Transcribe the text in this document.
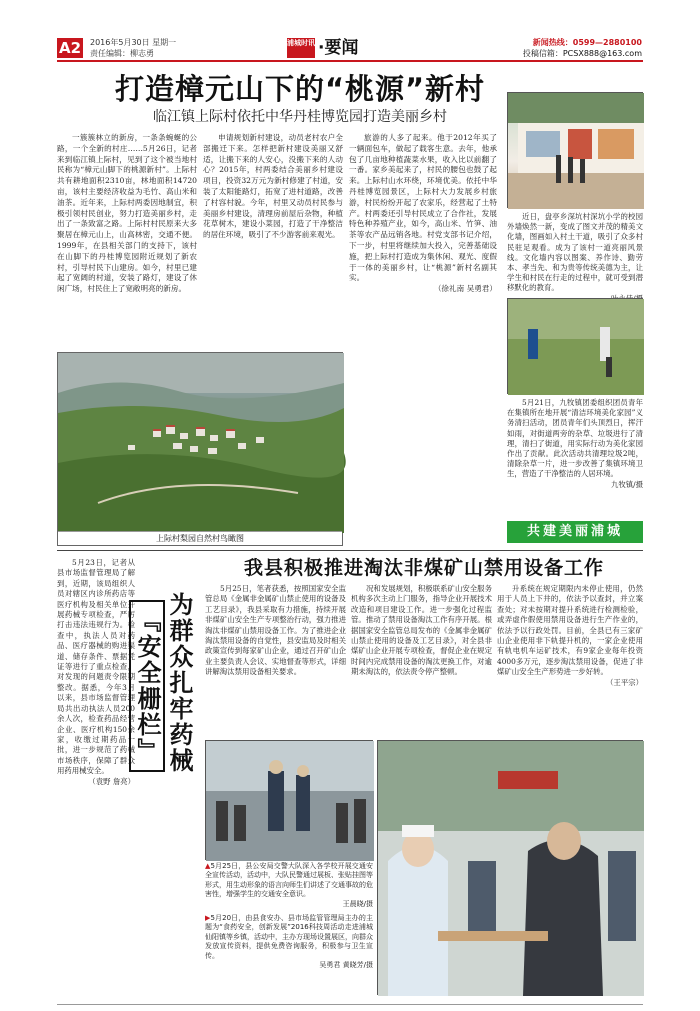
A2 2016年5月30日 星期一
责任编辑：柳志勇
浦城时讯 ·要闻	新闻热线：0599—2880100
投稿信箱：PCSX888@163.com
打造樟元山下的“桃源”新村
临江镇上际村依托中华丹桂博览园打造美丽乡村

一簇簇林立的新房，一条条蜿蜒的公路，一个全新的村庄……5月26日，记者来到临江镇上际村，见到了这个被当地村民称为“樟元山脚下的桃源新村”。上际村共有耕地面积2310亩，林地面积14720亩，该村主要经济收益为毛竹、高山米和油茶。近年来，上际村两委因地制宜，积极引领村民创业，努力打造美丽乡村，走出了一条致富之路。上际村村民原来大多聚居在樟元山上，山高林密，交通不便。1999年，在县相关部门的支持下，该村在山脚下的丹桂博览园附近规划了新农村，引导村民下山建房。如今，村里已建起了宽阔的村道，安装了路灯，建设了休闲广场，村民住上了宽敞明亮的新房。

申请规划新村建设，动员老村农户全部搬迁下来。怎样把新村建设美丽又舒适，让搬下来的人安心，没搬下来的人动心？2015年，村两委结合美丽乡村建设项目，投资32万元为新村修建了村道，安装了太阳能路灯，拓宽了进村道路，改善了村容村貌。今年，村里又动员村民参与美丽乡村建设，清理房前屋后杂物，种植花草树木，建设小菜园，打造了干净整洁的居住环境，吸引了不少游客前来观光。

旅游的人多了起来。他于2012年买了一辆面包车，做起了载客生意。去年，他承包了几亩地种植蔬菜水果，收入比以前翻了一番。家乡美起来了，村民的腰包也鼓了起来。上际村山水环绕，环境优美。依托中华丹桂博览园景区，上际村大力发展乡村旅游，村民纷纷开起了农家乐，经营起了土特产。村两委还引导村民成立了合作社，发展特色种养殖产业，如今，高山米、竹笋、油茶等农产品远销各地。村党支部书记介绍，下一步，村里将继续加大投入，完善基础设施，把上际村打造成为集休闲、观光、度假于一体的美丽乡村，让“桃源”新村名副其实。

（徐礼南 吴勇君）

上际村梨园自然村鸟瞰图
近日，盘亭乡深坑村深坑小学的校园外墙焕然一新，变成了图文并茂的精美文化墙，图画如入村土干道，吸引了众多村民驻足观看。成为了该村一道亮丽风景线。文化墙内容以图案、养作诗、勤劳本、孝当先、和为贵等传统美德为主，让学生和村民在行走的过程中，就可受到潜移默化的教育。
5月21日，九牧镇团委组织团员青年在集镇所在地开展“清洁环境美化家园”义务清扫活动，团员青年们头顶烈日，挥汗如雨，对街道两旁的杂草、垃圾进行了清理，清扫了街道，用实际行动为美化家园作出了贡献。此次活动共清理垃圾2吨，清除杂草一片，进一步改善了集镇环境卫生，营造了干净整洁的人居环境。
九牧镇/摄
共建美丽浦城
5月23日，记者从县市场监督管理局了解到，近期，该局组织人员对辖区内诊所药店等医疗机构及相关单位开展药械专项检查，严厉打击违法违规行为。检查中，执法人员对药品、医疗器械的购进渠道、储存条件、票据凭证等进行了重点检查，对发现的问题责令限期整改。据悉，今年3月以来，县市场监督管理局共出动执法人员200余人次，检查药品经营企业、医疗机构150余家，收缴过期药品一批，进一步规范了药械市场秩序，保障了群众用药用械安全。
（袁野 詹亮）
为群众扎牢药械 『安全栅栏』
我县积极推进淘汰非煤矿山禁用设备工作
5月25日，笔者获悉，按照国家安全监管总局《金属非金属矿山禁止使用的设备及工艺目录》，我县采取有力措施，持续开展非煤矿山安全生产专项整治行动，强力推进淘汰非煤矿山禁用设备工作。为了推进企业淘汰禁用设备的自觉性，县安监局及时相关政策宣传到每家矿山企业，通过召开矿山企业主要负责人会议、实地督查等形式，详细讲解淘汰禁用设备相关要求。
况和发展规划，积极联系矿山安全服务机构多次主动上门服务，指导企业开展技术改造和项目建设工作。进一步强化过程监管。推动了禁用设备淘汰工作有序开展。根据国家安全监管总局发布的《金属非金属矿山禁止使用的设备及工艺目录》，对全县非煤矿山企业开展专项检查，督促企业在规定时间内完成禁用设备的淘汰更换工作，对逾期未淘汰的，依法责令停产整顿。
升系统在规定期限内未停止使用，仍然用于人员上下井的，依法予以查封，并立案查处；对未按期对提升系统进行检测检验，或弄虚作假使用禁用设备进行生产作业的，依法予以行政处罚。目前，全县已有三家矿山企业使用非下轨提升机的，一家企业使用有轨电机车运矿技术，有9家企业每年投资4000多万元，逐步淘汰禁用设备，促进了非煤矿山安全生产形势进一步好转。
（王平宗）
▲5月25日，县公安局交警大队深入各学校开展交通安全宣传活动，活动中，大队民警通过展板、张贴挂图等形式，用生动形象的语言向师生们讲述了交通事故的危害性，增强学生的交通安全意识。
王晨晓/摄
▶5月20日，由县食安办、县市场监管管理局主办的主题为“食药安全，创新发展”2016科技周活动走进浦城仙阳镇等乡镇，活动中，主办方现场设置展区，向群众发放宣传资料，提供免费咨询服务，积极参与卫生宣传。
吴勇君 黄晓芳/摄
